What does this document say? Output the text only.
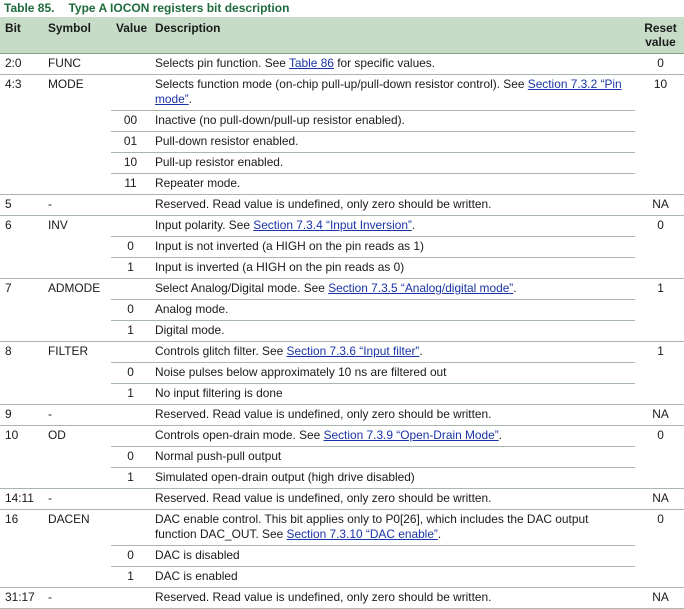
Table 85. Type A IOCON registers bit description
Bit	Symbol	Value	Description	Reset
value
2:0	FUNC		Selects pin function. See Table 86 for specific values.	0
4:3	MODE		Selects function mode (on-chip pull-up/pull-down resistor control). See Section 7.3.2 “Pin mode”.	10
		00	Inactive (no pull-down/pull-up resistor enabled).	
		01	Pull-down resistor enabled.	
		10	Pull-up resistor enabled.	
		11	Repeater mode.	
5	-		Reserved. Read value is undefined, only zero should be written.	NA
6	INV		Input polarity. See Section 7.3.4 “Input Inversion”.	0
		0	Input is not inverted (a HIGH on the pin reads as 1)	
		1	Input is inverted (a HIGH on the pin reads as 0)	
7	ADMODE		Select Analog/Digital mode. See Section 7.3.5 “Analog/digital mode”.	1
		0	Analog mode.	
		1	Digital mode.	
8	FILTER		Controls glitch filter. See Section 7.3.6 “Input filter”.	1
		0	Noise pulses below approximately 10 ns are filtered out	
		1	No input filtering is done	
9	-		Reserved. Read value is undefined, only zero should be written.	NA
10	OD		Controls open-drain mode. See Section 7.3.9 “Open-Drain Mode”.	0
		0	Normal push-pull output	
		1	Simulated open-drain output (high drive disabled)	
14:11	-		Reserved. Read value is undefined, only zero should be written.	NA
16	DACEN		DAC enable control. This bit applies only to P0[26], which includes the DAC output function DAC_OUT. See Section 7.3.10 “DAC enable”.	0
		0	DAC is disabled	
		1	DAC is enabled	
31:17	-		Reserved. Read value is undefined, only zero should be written.	NA
